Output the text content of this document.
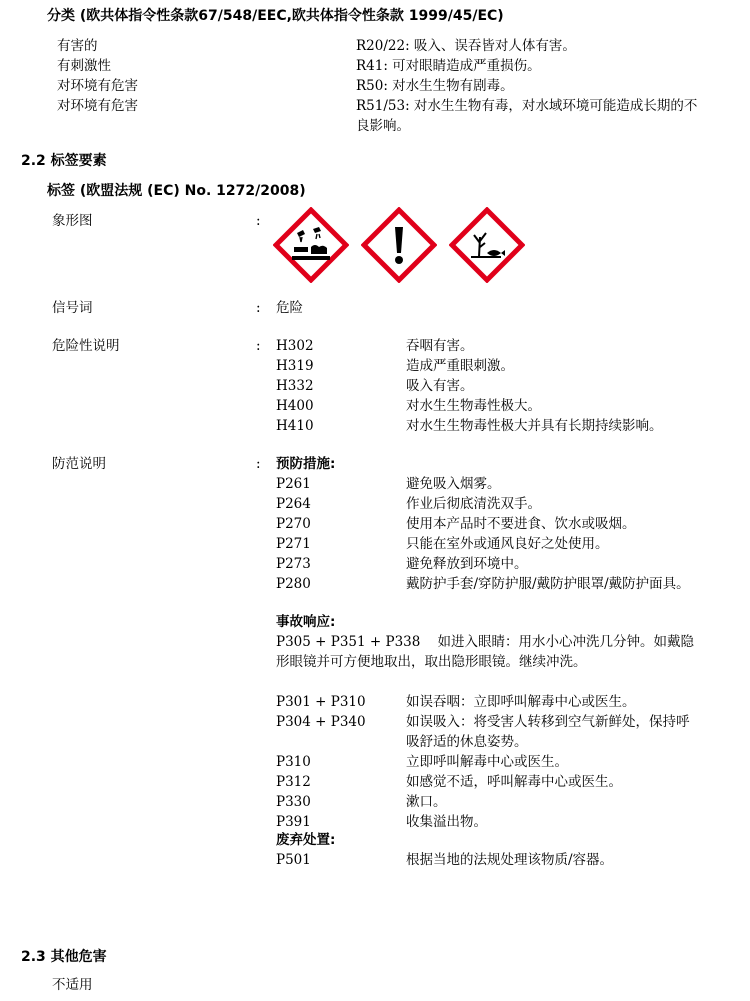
分类 (欧共体指令性条款67/548/EEC,欧共体指令性条款 1999/45/EC)
有害的	R20/22: 吸入、误吞皆对人体有害。
有刺激性	R41: 可对眼睛造成严重损伤。
对环境有危害	R50: 对水生生物有剧毒。
对环境有危害	R51/53: 对水生生物有毒，对水域环境可能造成长期的不良影响。
2.2 标签要素
标签 (欧盟法规 (EC) No. 1272/2008)
象形图	:
信号词	: 危险
危险性说明	: H302	吞咽有害。
H319	造成严重眼刺激。
H332	吸入有害。
H400	对水生生物毒性极大。
H410	对水生生物毒性极大并具有长期持续影响。
防范说明	: 预防措施:
P261	避免吸入烟雾。
P264	作业后彻底清洗双手。
P270	使用本产品时不要进食、饮水或吸烟。
P271	只能在室外或通风良好之处使用。
P273	避免释放到环境中。
P280	戴防护手套/穿防护服/戴防护眼罩/戴防护面具。
事故响应:
P305 + P351 + P338    如进入眼睛：用水小心冲洗几分钟。如戴隐形眼镜并可方便地取出，取出隐形眼镜。继续冲洗。
P301 + P310	如误吞咽：立即呼叫解毒中心或医生。
P304 + P340	如误吸入：将受害人转移到空气新鲜处，保持呼吸舒适的休息姿势。
P310	立即呼叫解毒中心或医生。
P312	如感觉不适，呼叫解毒中心或医生。
P330	漱口。
P391	收集溢出物。
废弃处置:
P501	根据当地的法规处理该物质/容器。
2.3 其他危害
不适用
